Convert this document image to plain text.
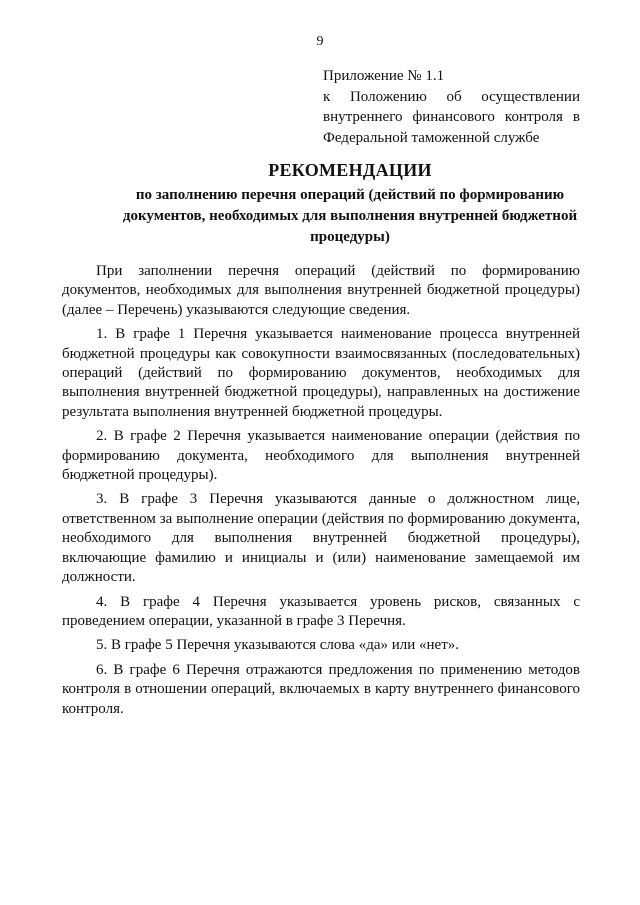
9
Приложение № 1.1
к Положению об осуществлении
внутреннего финансового контроля в
Федеральной таможенной службе
РЕКОМЕНДАЦИИ
по заполнению перечня операций (действий по формированию документов, необходимых для выполнения внутренней бюджетной процедуры)

При заполнении перечня операций (действий по формированию документов, необходимых для выполнения внутренней бюджетной процедуры) (далее – Перечень) указываются следующие сведения.

1. В графе 1 Перечня указывается наименование процесса внутренней бюджетной процедуры как совокупности взаимосвязанных (последовательных) операций (действий по формированию документов, необходимых для выполнения внутренней бюджетной процедуры), направленных на достижение результата выполнения внутренней бюджетной процедуры.

2. В графе 2 Перечня указывается наименование операции (действия по формированию документа, необходимого для выполнения внутренней бюджетной процедуры).

3. В графе 3 Перечня указываются данные о должностном лице, ответственном за выполнение операции (действия по формированию документа, необходимого для выполнения внутренней бюджетной процедуры), включающие фамилию и инициалы и (или) наименование замещаемой им должности.

4. В графе 4 Перечня указывается уровень рисков, связанных с проведением операции, указанной в графе 3 Перечня.

5. В графе 5 Перечня указываются слова «да» или «нет».

6. В графе 6 Перечня отражаются предложения по применению методов контроля в отношении операций, включаемых в карту внутреннего финансового контроля.
